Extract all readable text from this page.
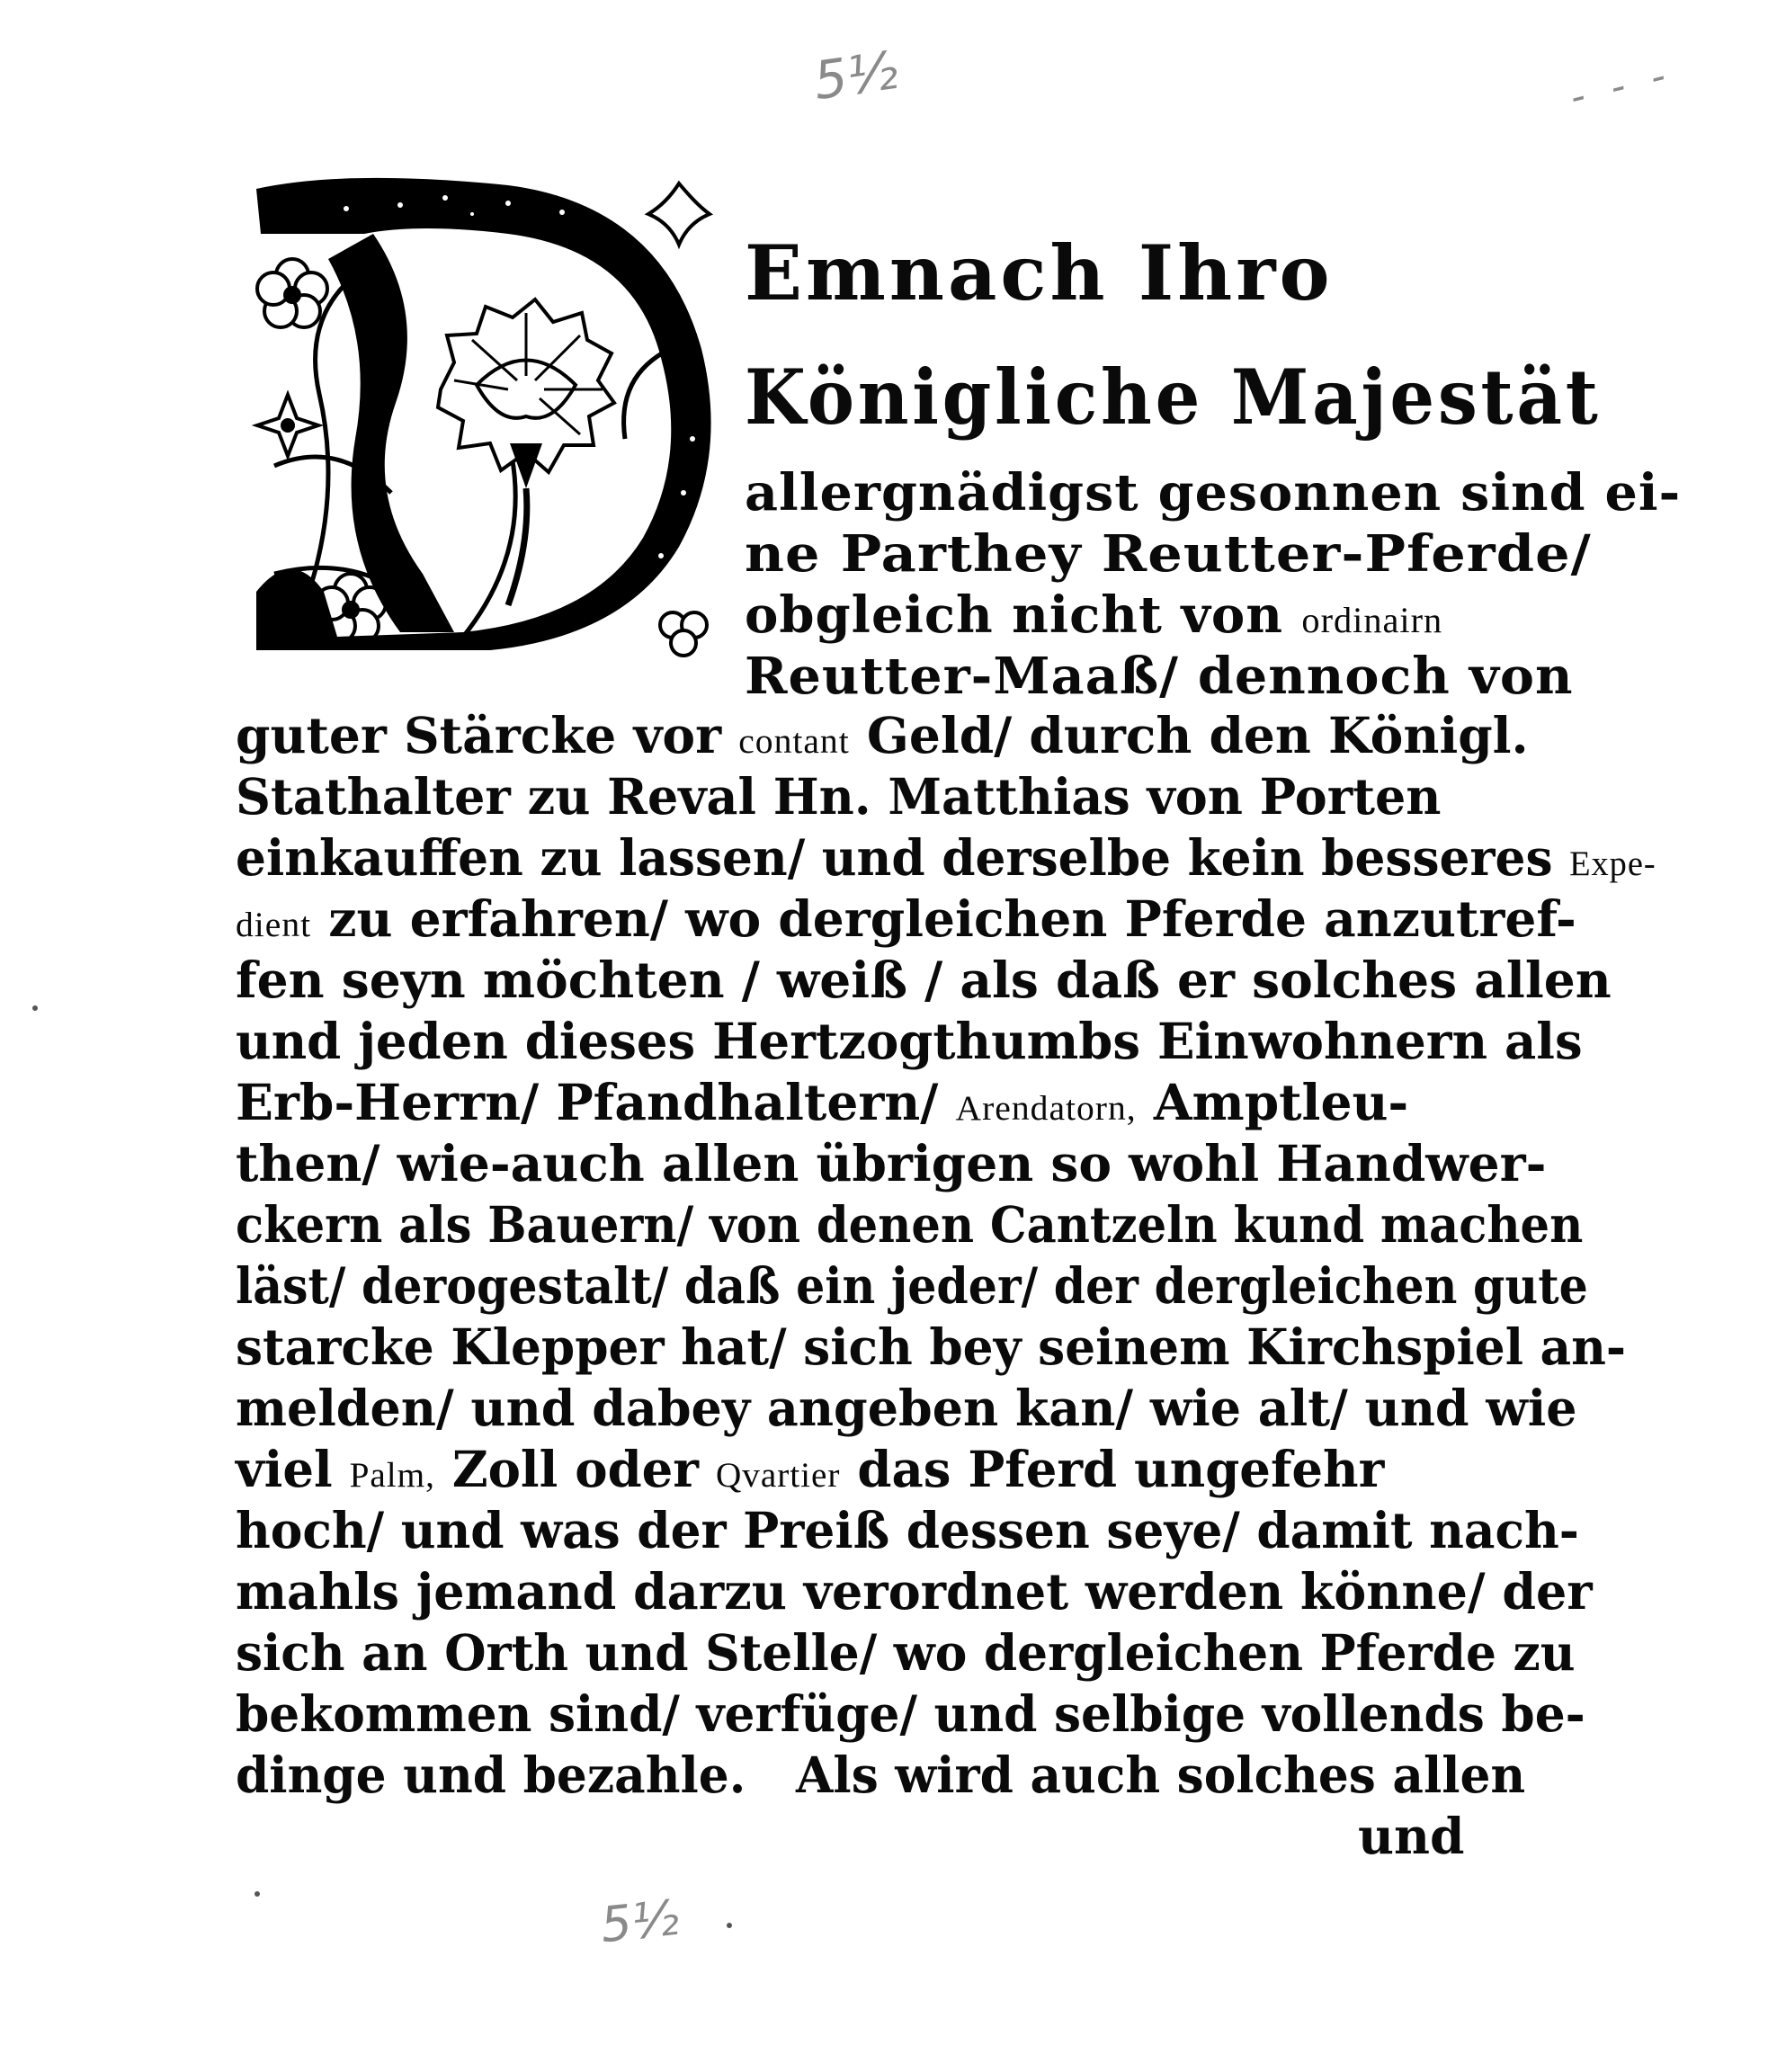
5½	- - -
5½
Emnach Ihro
Königliche Majestät
allergnädigst gesonnen sind ei-
ne Parthey Reutter-Pferde/
obgleich nicht von ordinairn
Reutter-Maaß/ dennoch von
guter Stärcke vor contant Geld/ durch den Königl.
Stathalter zu Reval Hn. Matthias von Porten
einkauffen zu lassen/ und derselbe kein besseres Expe-
dient zu erfahren/ wo dergleichen Pferde anzutref-
fen seyn möchten / weiß / als daß er solches allen
und jeden dieses Hertzogthumbs Einwohnern als
Erb-Herrn/ Pfandhaltern/ Arendatorn, Amptleu-
then/ wie-auch allen übrigen so wohl Handwer-
ckern als Bauern/ von denen Cantzeln kund machen
läst/ derogestalt/ daß ein jeder/ der dergleichen gute
starcke Klepper hat/ sich bey seinem Kirchspiel an-
melden/ und dabey angeben kan/ wie alt/ und wie
viel Palm, Zoll oder Qvartier das Pferd ungefehr
hoch/ und was der Preiß dessen seye/ damit nach-
mahls jemand darzu verordnet werden könne/ der
sich an Orth und Stelle/ wo dergleichen Pferde zu
bekommen sind/ verfüge/ und selbige vollends be-
dinge und bezahle.   Als wird auch solches allen
und
